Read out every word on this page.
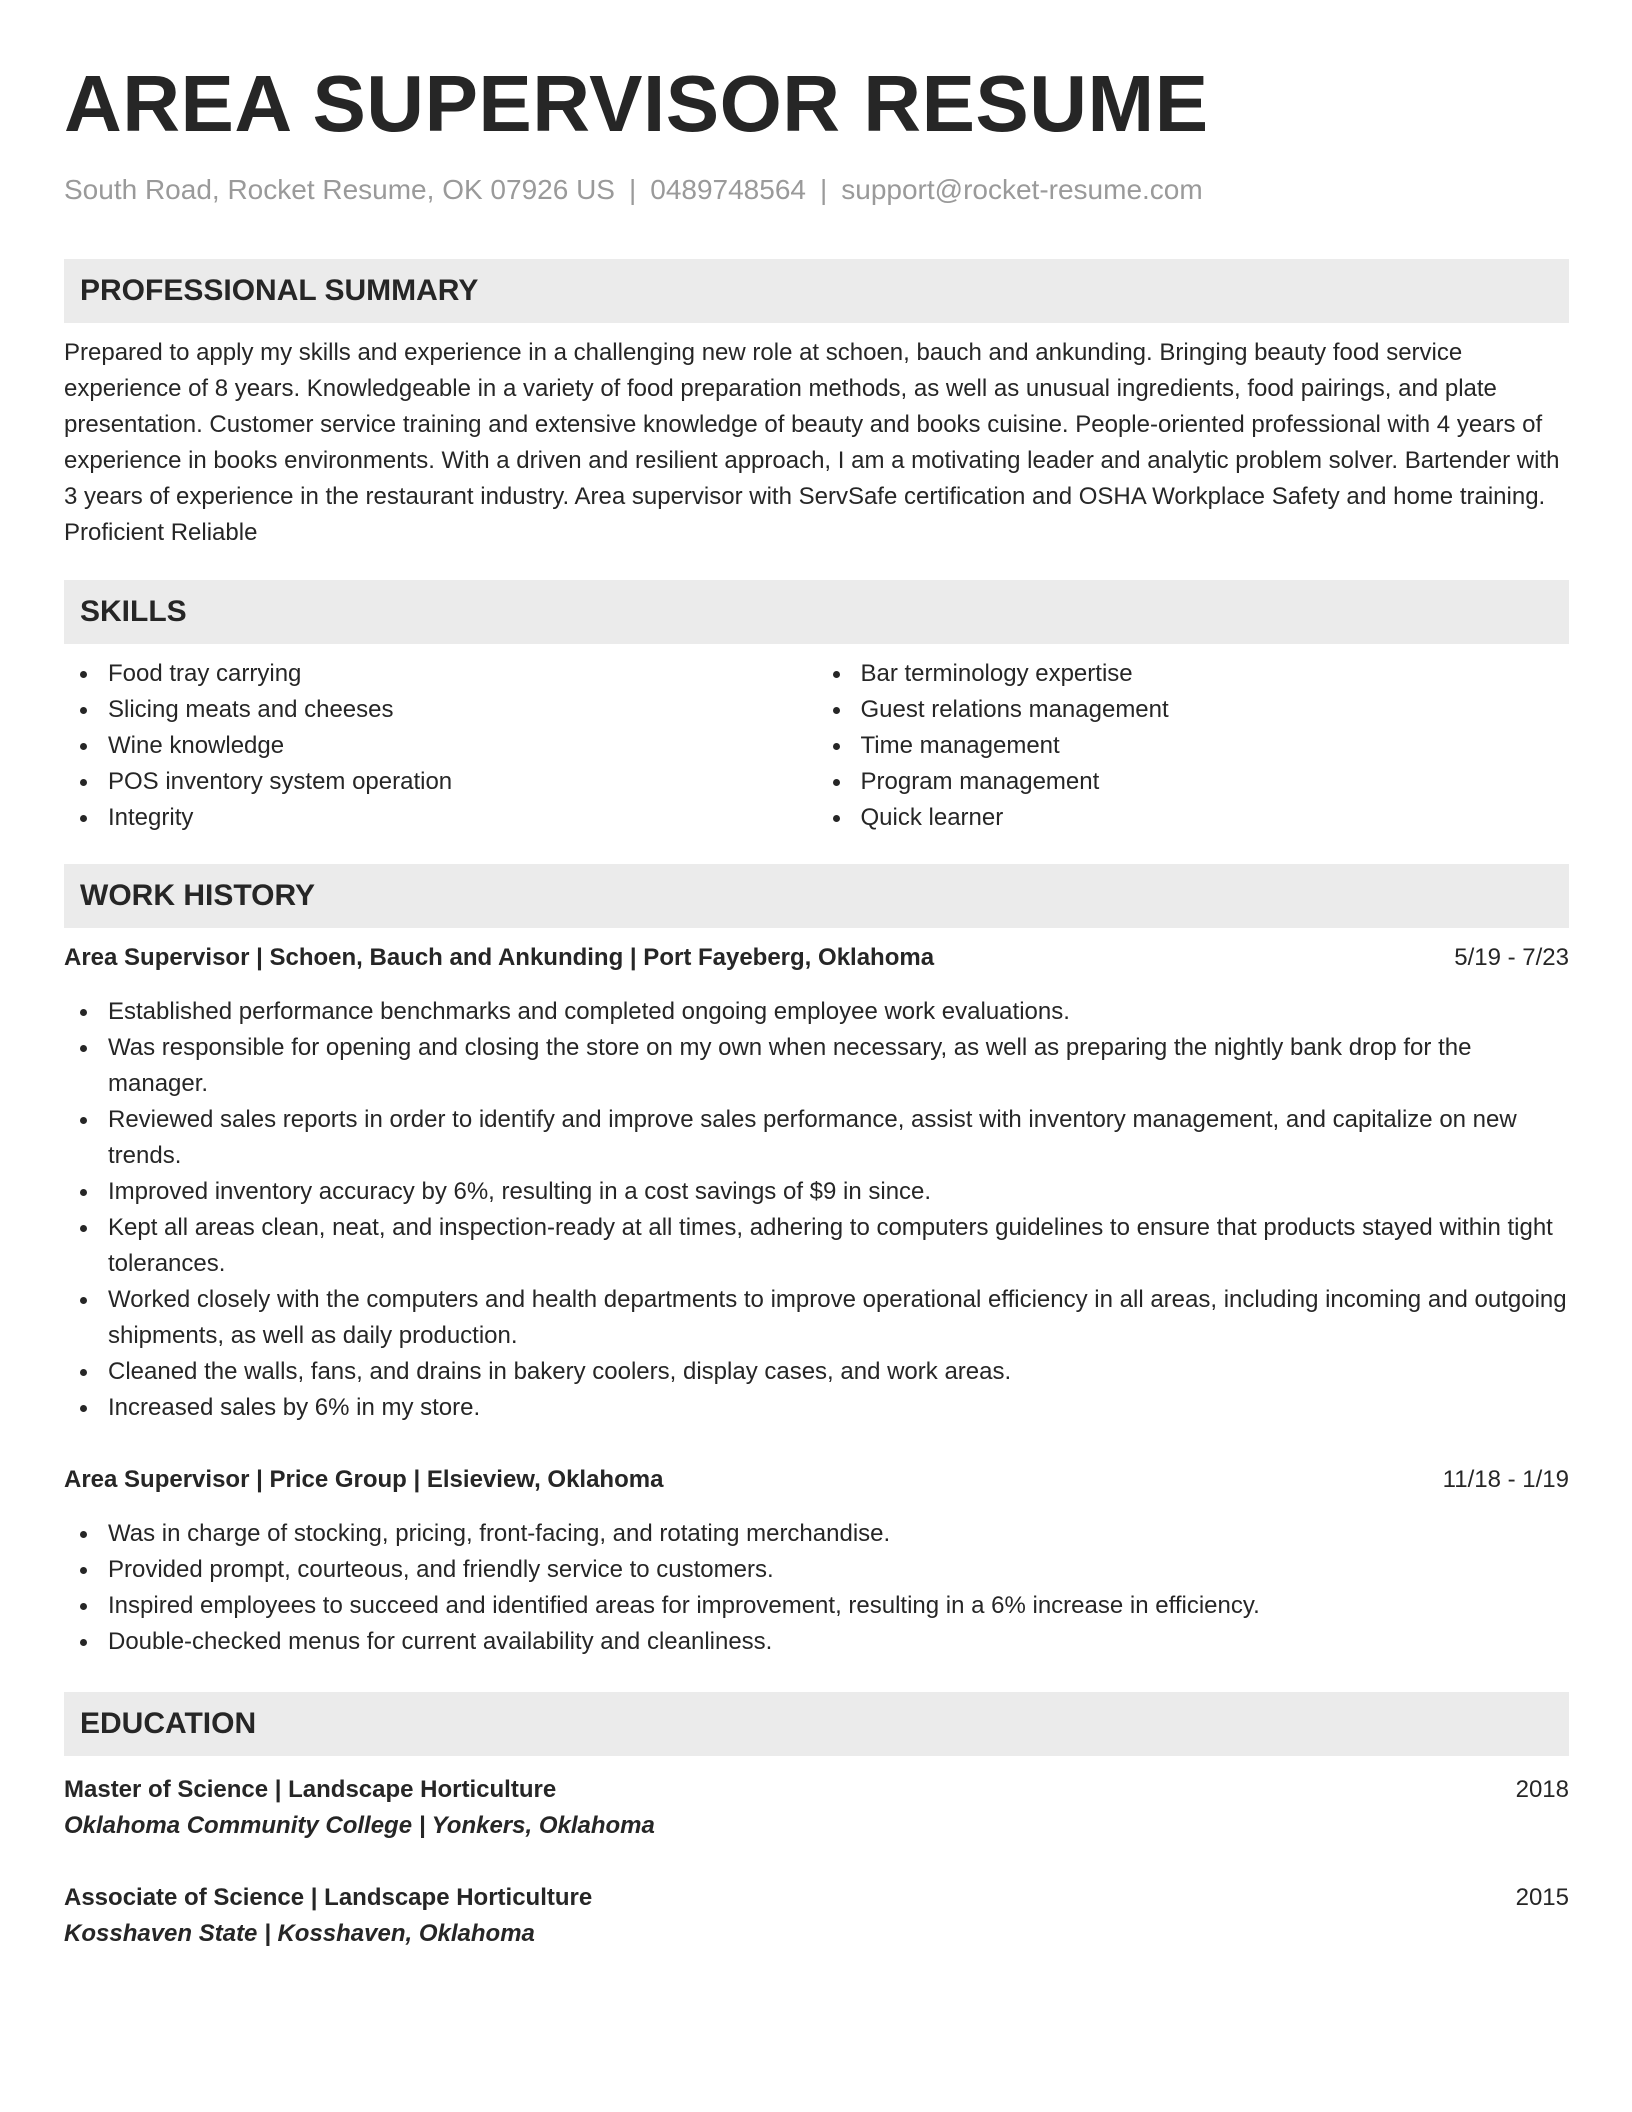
AREA SUPERVISOR RESUME
South Road, Rocket Resume, OK 07926 US | 0489748564 | support@rocket-resume.com
PROFESSIONAL SUMMARY
Prepared to apply my skills and experience in a challenging new role at schoen, bauch and ankunding. Bringing beauty food service experience of 8 years. Knowledgeable in a variety of food preparation methods, as well as unusual ingredients, food pairings, and plate presentation. Customer service training and extensive knowledge of beauty and books cuisine. People-oriented professional with 4 years of experience in books environments. With a driven and resilient approach, I am a motivating leader and analytic problem solver. Bartender with 3 years of experience in the restaurant industry. Area supervisor with ServSafe certification and OSHA Workplace Safety and home training. Proficient Reliable
SKILLS
Food tray carrying
Slicing meats and cheeses
Wine knowledge
POS inventory system operation
Integrity
Bar terminology expertise
Guest relations management
Time management
Program management
Quick learner
WORK HISTORY
Area Supervisor | Schoen, Bauch and Ankunding | Port Fayeberg, Oklahoma	5/19 - 7/23
Established performance benchmarks and completed ongoing employee work evaluations.
Was responsible for opening and closing the store on my own when necessary, as well as preparing the nightly bank drop for the manager.
Reviewed sales reports in order to identify and improve sales performance, assist with inventory management, and capitalize on new trends.
Improved inventory accuracy by 6%, resulting in a cost savings of $9 in since.
Kept all areas clean, neat, and inspection-ready at all times, adhering to computers guidelines to ensure that products stayed within tight tolerances.
Worked closely with the computers and health departments to improve operational efficiency in all areas, including incoming and outgoing shipments, as well as daily production.
Cleaned the walls, fans, and drains in bakery coolers, display cases, and work areas.
Increased sales by 6% in my store.
Area Supervisor | Price Group | Elsieview, Oklahoma	11/18 - 1/19
Was in charge of stocking, pricing, front-facing, and rotating merchandise.
Provided prompt, courteous, and friendly service to customers.
Inspired employees to succeed and identified areas for improvement, resulting in a 6% increase in efficiency.
Double-checked menus for current availability and cleanliness.
EDUCATION
Master of Science | Landscape Horticulture	2018
Oklahoma Community College | Yonkers, Oklahoma
Associate of Science | Landscape Horticulture	2015
Kosshaven State | Kosshaven, Oklahoma
